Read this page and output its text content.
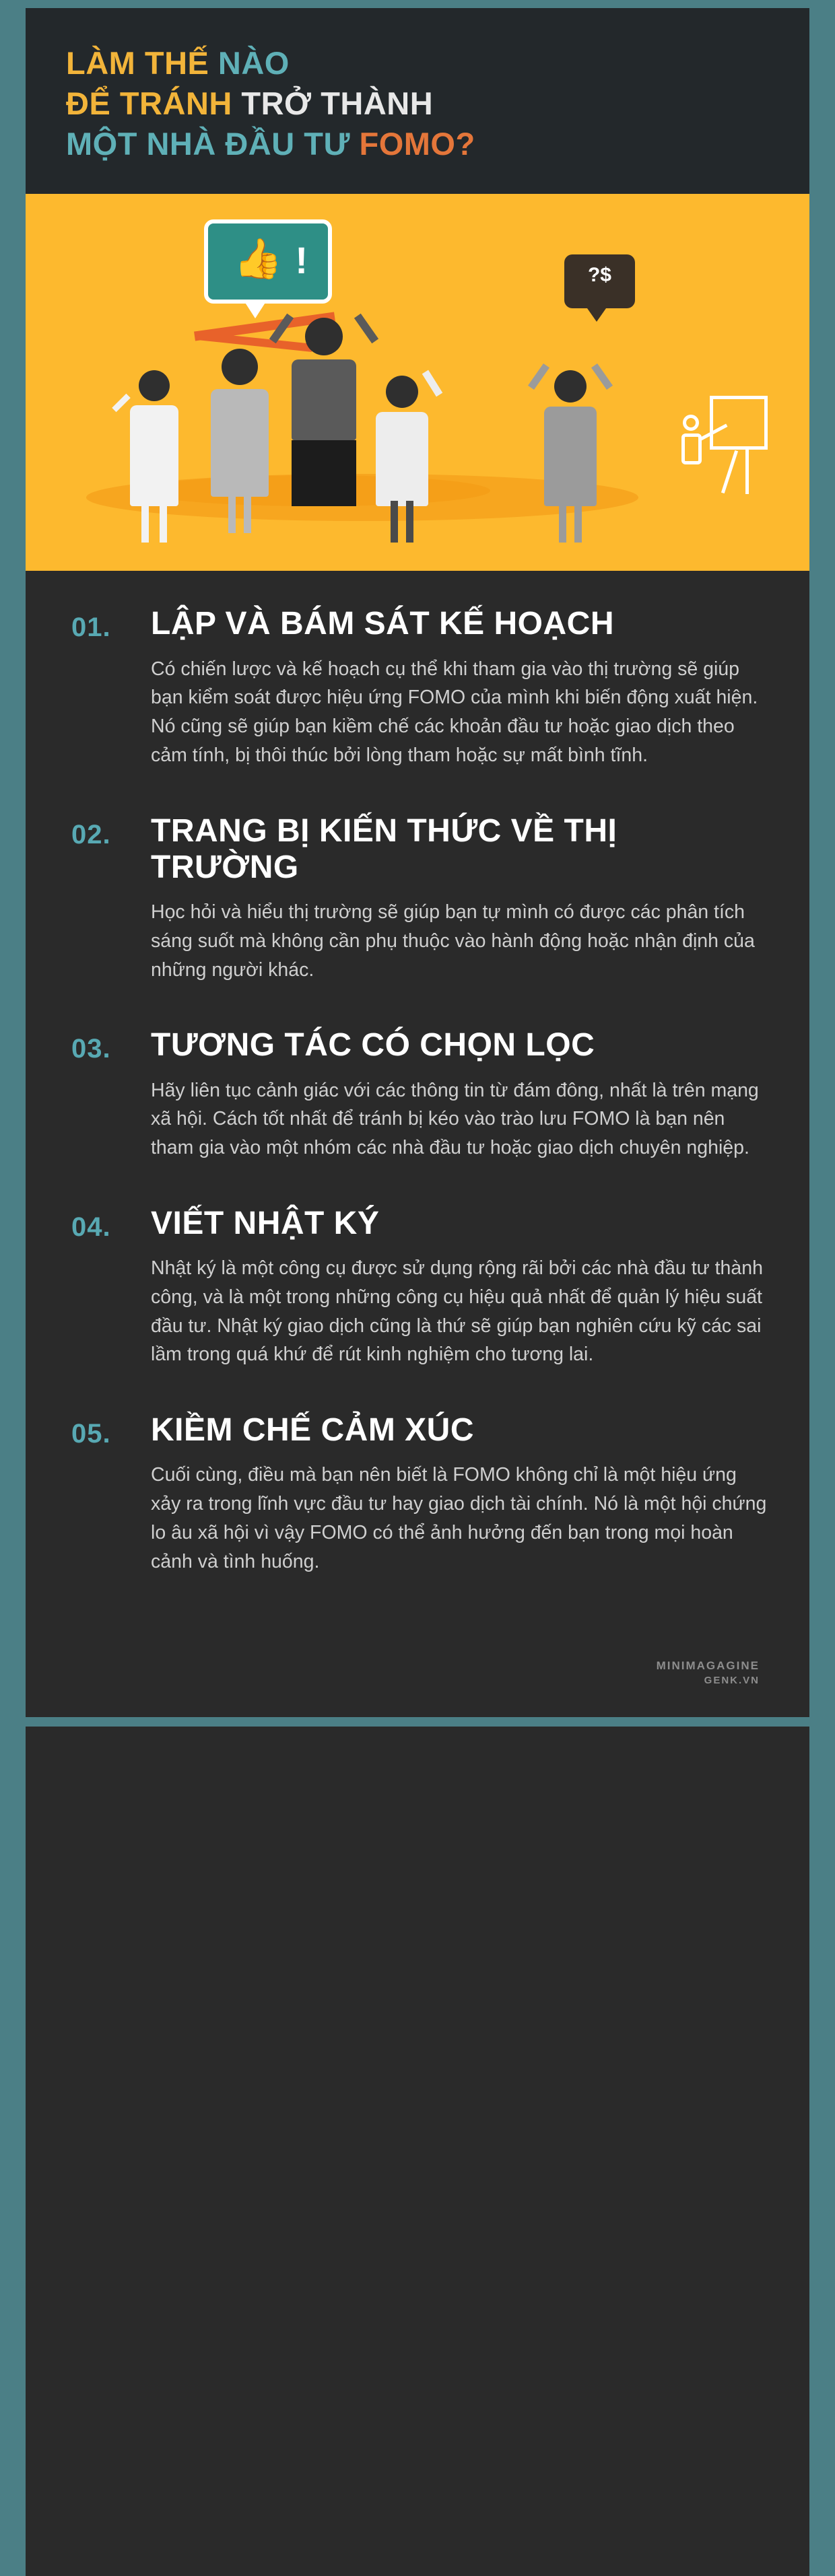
LÀM THẾ NÀO
ĐỂ TRÁNH TRỞ THÀNH
MỘT NHÀ ĐẦU TƯ FOMO?
👍 !	?$
01.	LẬP VÀ BÁM SÁT KẾ HOẠCH
Có chiến lược và kế hoạch cụ thể khi tham gia vào thị trường sẽ giúp bạn kiểm soát được hiệu ứng FOMO của mình khi biến động xuất hiện. Nó cũng sẽ giúp bạn kiềm chế các khoản đầu tư hoặc giao dịch theo cảm tính, bị thôi thúc bởi lòng tham hoặc sự mất bình tĩnh.
02.	TRANG BỊ KIẾN THỨC VỀ THỊ TRƯỜNG
Học hỏi và hiểu thị trường sẽ giúp bạn tự mình có được các phân tích sáng suốt mà không cần phụ thuộc vào hành động hoặc nhận định của những người khác.
03.	TƯƠNG TÁC CÓ CHỌN LỌC
Hãy liên tục cảnh giác với các thông tin từ đám đông, nhất là trên mạng xã hội. Cách tốt nhất để tránh bị kéo vào trào lưu FOMO là bạn nên tham gia vào một nhóm các nhà đầu tư hoặc giao dịch chuyên nghiệp.
04.	VIẾT NHẬT KÝ
Nhật ký là một công cụ được sử dụng rộng rãi bởi các nhà đầu tư thành công, và là một trong những công cụ hiệu quả nhất để quản lý hiệu suất đầu tư. Nhật ký giao dịch cũng là thứ sẽ giúp bạn nghiên cứu kỹ các sai lầm trong quá khứ để rút kinh nghiệm cho tương lai.
05.	KIỀM CHẾ CẢM XÚC
Cuối cùng, điều mà bạn nên biết là FOMO không chỉ là một hiệu ứng xảy ra trong lĩnh vực đầu tư hay giao dịch tài chính. Nó là một hội chứng lo âu xã hội vì vậy FOMO có thể ảnh hưởng đến bạn trong mọi hoàn cảnh và tình huống.
MINIMAGAGINE
GENK.VN
